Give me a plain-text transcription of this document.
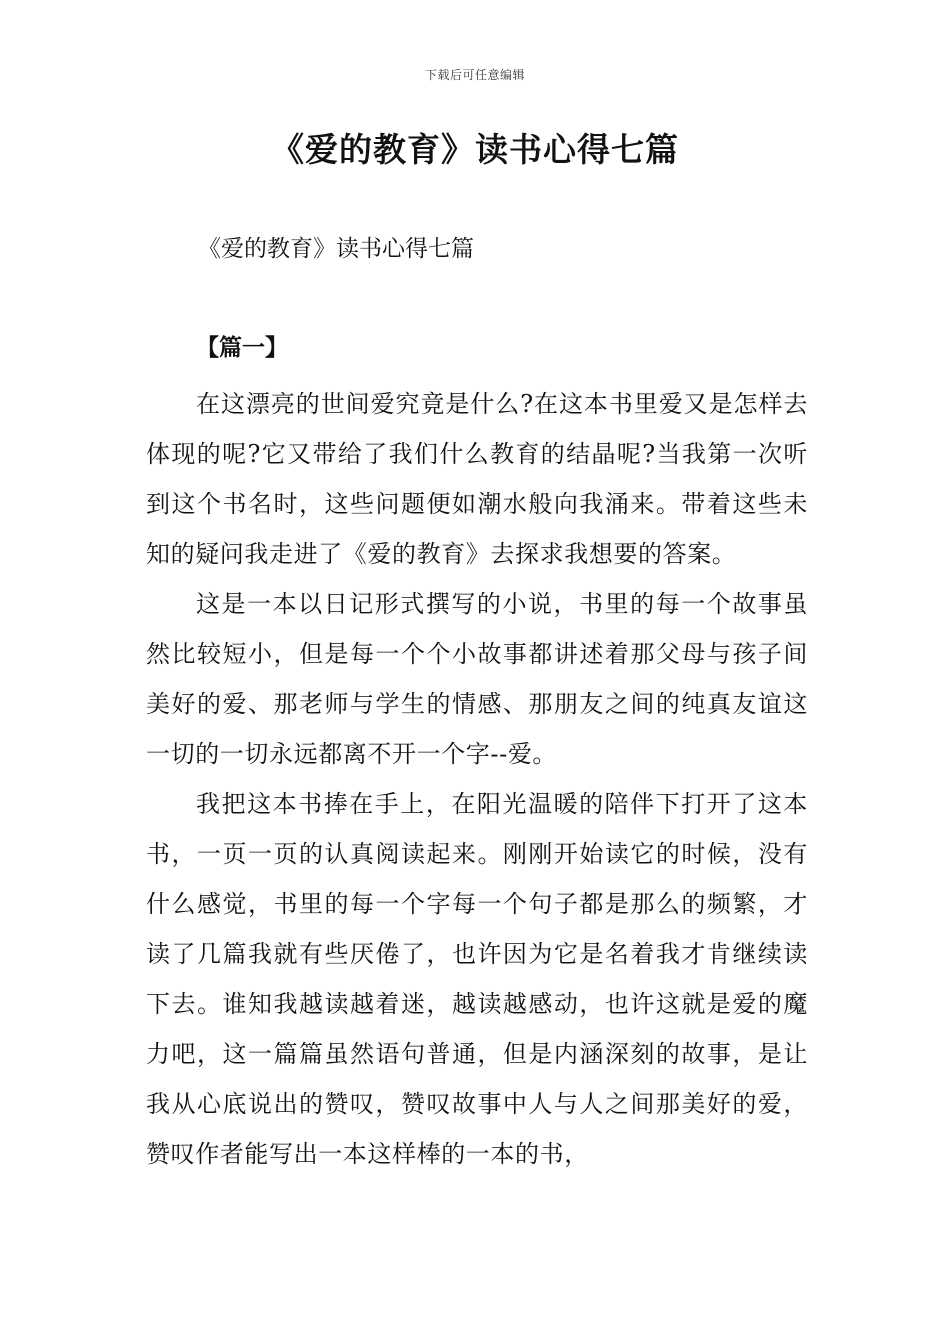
下载后可任意编辑
《爱的教育》读书心得七篇
《爱的教育》读书心得七篇
【篇一】

在这漂亮的世间爱究竟是什么?在这本书里爱又是怎样去体现的呢?它又带给了我们什么教育的结晶呢?当我第一次听到这个书名时，这些问题便如潮水般向我涌来。带着这些未知的疑问我走进了《爱的教育》去探求我想要的答案。

这是一本以日记形式撰写的小说，书里的每一个故事虽然比较短小，但是每一个个小故事都讲述着那父母与孩子间美好的爱、那老师与学生的情感、那朋友之间的纯真友谊这一切的一切永远都离不开一个字--爱。

我把这本书捧在手上，在阳光温暖的陪伴下打开了这本书，一页一页的认真阅读起来。刚刚开始读它的时候，没有什么感觉，书里的每一个字每一个句子都是那么的频繁，才读了几篇我就有些厌倦了，也许因为它是名着我才肯继续读下去。谁知我越读越着迷，越读越感动，也许这就是爱的魔力吧，这一篇篇虽然语句普通，但是内涵深刻的故事，是让我从心底说出的赞叹，赞叹故事中人与人之间那美好的爱，赞叹作者能写出一本这样棒的一本的书，
